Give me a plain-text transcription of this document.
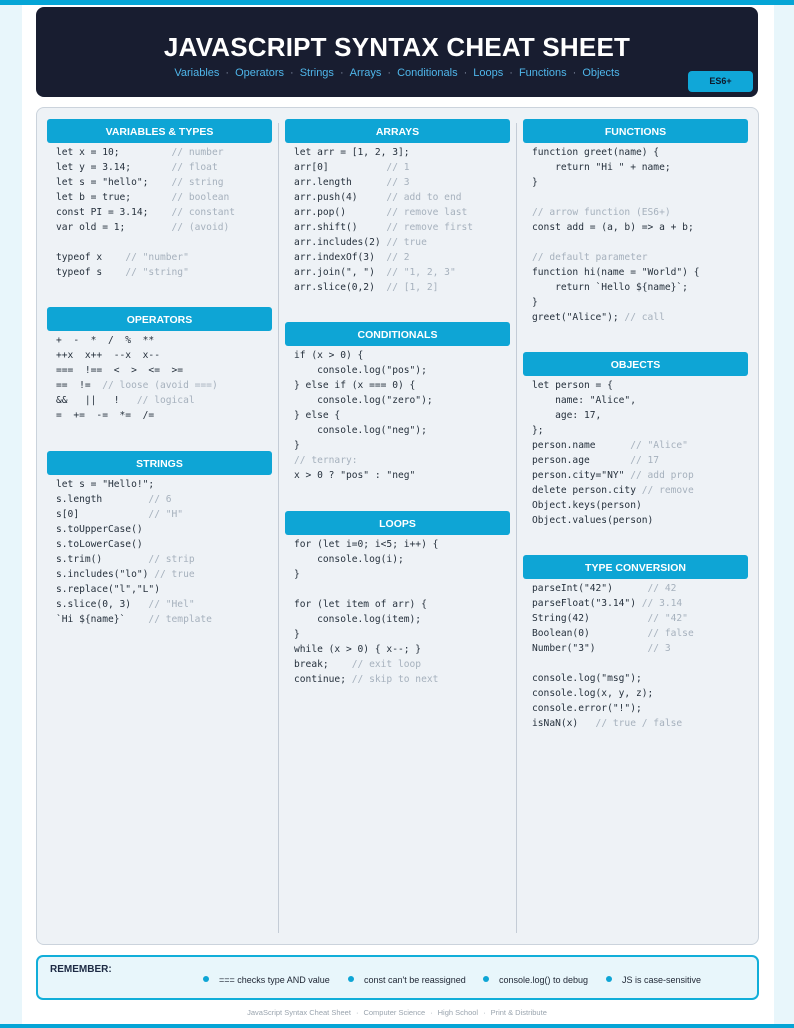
JAVASCRIPT SYNTAX CHEAT SHEET
Variables · Operators · Strings · Arrays · Conditionals · Loops · Functions · Objects
ES6+
VARIABLES & TYPES
let x = 10;         // number
let y = 3.14;       // float
let s = "hello";    // string
let b = true;       // boolean
const PI = 3.14;    // constant
var old = 1;        // (avoid)
typeof x    // "number"
typeof s    // "string"
OPERATORS
+  -  *  /  %  **
++x  x++  --x  x--
===  !==  <  >  <=  >=
==  !=  // loose (avoid ===)
&&   ||   !   // logical
=  +=  -=  *=  /=
STRINGS
let s = "Hello!";
s.length        // 6
s[0]            // "H"
s.toUpperCase()
s.toLowerCase()
s.trim()        // strip
s.includes("lo") // true
s.replace("l","L")
s.slice(0, 3)   // "Hel"
`Hi ${name}`    // template
ARRAYS
let arr = [1, 2, 3];
arr[0]          // 1
arr.length      // 3
arr.push(4)     // add to end
arr.pop()       // remove last
arr.shift()     // remove first
arr.includes(2) // true
arr.indexOf(3)  // 2
arr.join(", ")  // "1, 2, 3"
arr.slice(0,2)  // [1, 2]
CONDITIONALS
if (x > 0) {
console.log("pos");
} else if (x === 0) {
console.log("zero");
} else {
console.log("neg");
}
// ternary:
x > 0 ? "pos" : "neg"
LOOPS
for (let i=0; i<5; i++) {
console.log(i);
}
for (let item of arr) {
console.log(item);
}
while (x > 0) { x--; }
break;    // exit loop
continue; // skip to next
FUNCTIONS
function greet(name) {
return "Hi " + name;
}
// arrow function (ES6+)
const add = (a, b) => a + b;
// default parameter
function hi(name = "World") {
return `Hello ${name}`;
}
greet("Alice"); // call
OBJECTS
let person = {
name: "Alice",
age: 17,
};
person.name      // "Alice"
person.age       // 17
person.city="NY" // add prop
delete person.city // remove
Object.keys(person)
Object.values(person)
TYPE CONVERSION
parseInt("42")      // 42
parseFloat("3.14") // 3.14
String(42)          // "42"
Boolean(0)          // false
Number("3")         // 3
console.log("msg");
console.log(x, y, z);
console.error("!");
isNaN(x)   // true / false
REMEMBER:
=== checks type AND value	const can't be reassigned	console.log() to debug	JS is case-sensitive
JavaScript Syntax Cheat Sheet · Computer Science · High School · Print & Distribute
